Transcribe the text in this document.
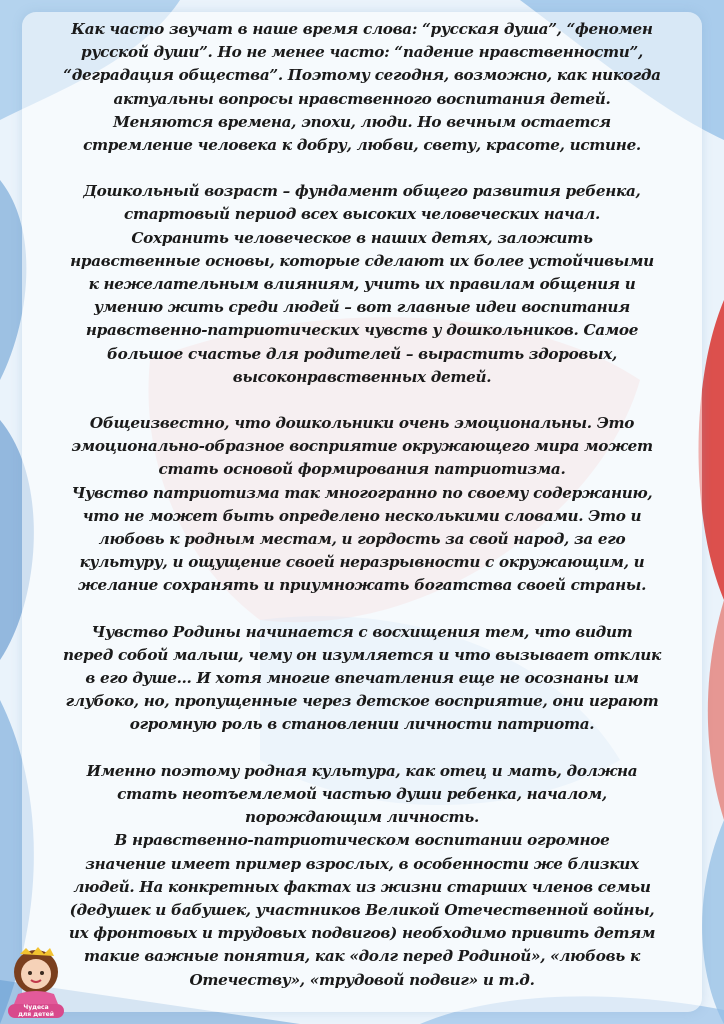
Как часто звучат в наше время слова: “русская душа”, “феномен
русской души”. Но не менее часто: “падение нравственности”,
“деградация общества”. Поэтому сегодня, возможно, как никогда
актуальны вопросы нравственного воспитания детей.
Меняются времена, эпохи, люди. Но вечным остается
стремление человека к добру, любви, свету, красоте, истине.

Дошкольный возраст – фундамент общего развития ребенка,
стартовый период всех высоких человеческих начал.
Сохранить человеческое в наших детях, заложить
нравственные основы, которые сделают их более устойчивыми
к нежелательным влияниям, учить их правилам общения и
умению жить среди людей – вот главные идеи воспитания
нравственно-патриотических чувств у дошкольников. Самое
большое счастье для родителей – вырастить здоровых,
высоконравственных детей.

Общеизвестно, что дошкольники очень эмоциональны. Это
эмоционально-образное восприятие окружающего мира может
стать основой формирования патриотизма.
Чувство патриотизма так многогранно по своему содержанию,
что не может быть определено несколькими словами. Это и
любовь к родным местам, и гордость за свой народ, за его
культуру, и ощущение своей неразрывности с окружающим, и
желание сохранять и приумножать богатства своей страны.

Чувство Родины начинается с восхищения тем, что видит
перед собой малыш, чему он изумляется и что вызывает отклик
в его душе… И хотя многие впечатления еще не осознаны им
глубоко, но, пропущенные через детское восприятие, они играют
огромную роль в становлении личности патриота.

Именно поэтому родная культура, как отец и мать, должна
стать неотъемлемой частью души ребенка, началом,
порождающим личность.
В нравственно-патриотическом воспитании огромное
значение имеет пример взрослых, в особенности же близких
людей. На конкретных фактах из жизни старших членов семьи
(дедушек и бабушек, участников Великой Отечественной войны,
их фронтовых и трудовых подвигов) необходимо привить детям
такие важные понятия, как «долг перед Родиной», «любовь к
Отечеству», «трудовой подвиг» и т.д.

Чудеса
для детей
